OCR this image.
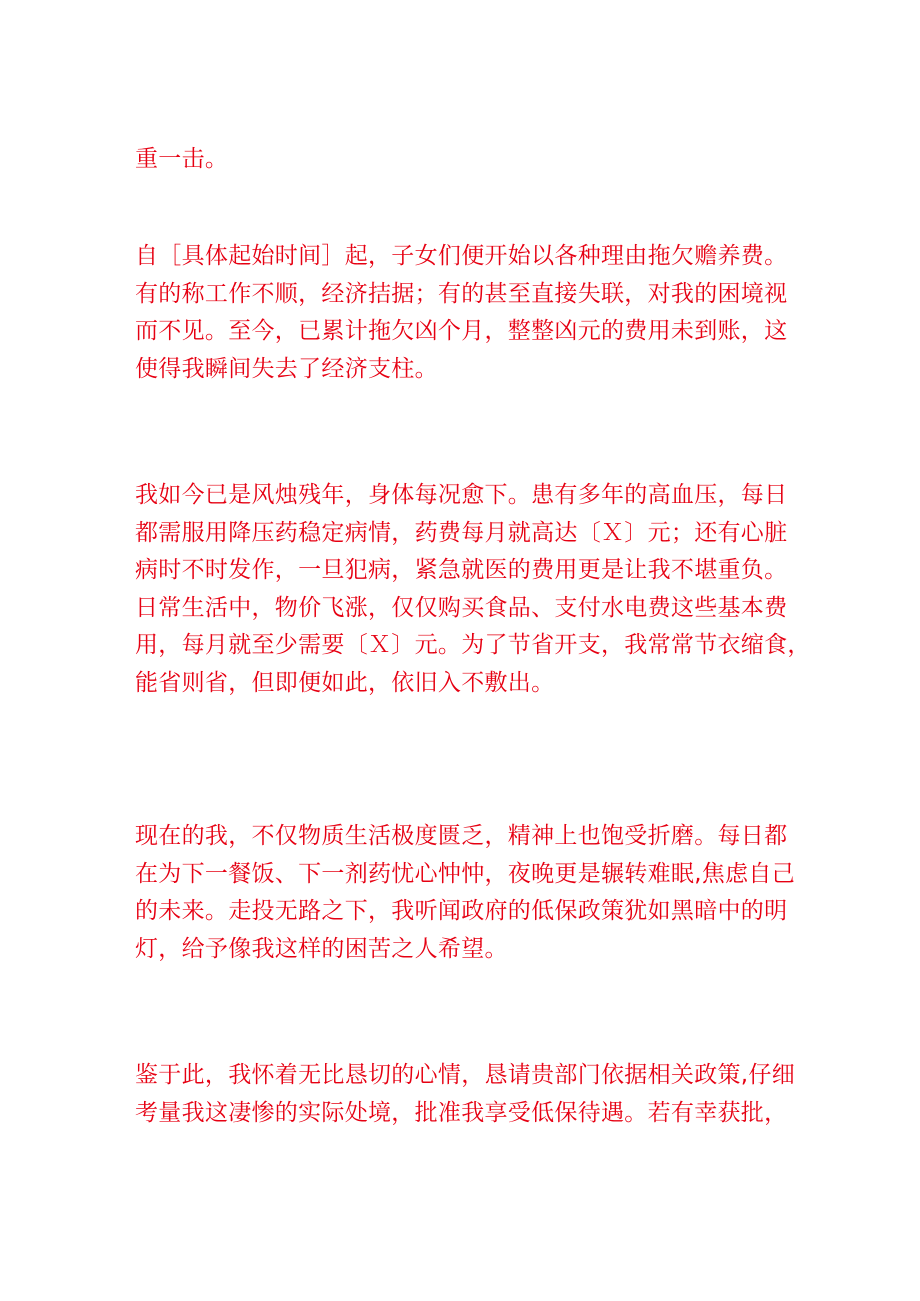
重一击。

自［具体起始时间］起，子女们便开始以各种理由拖欠赡养费。
有的称工作不顺，经济拮据；有的甚至直接失联，对我的困境视
而不见。至今，已累计拖欠凶个月，整整凶元的费用未到账，这
使得我瞬间失去了经济支柱。

我如今已是风烛残年，身体每况愈下。患有多年的高血压，每日
都需服用降压药稳定病情，药费每月就高达〔Ｘ〕元；还有心脏
病时不时发作，一旦犯病，紧急就医的费用更是让我不堪重负。
日常生活中，物价飞涨，仅仅购买食品、支付水电费这些基本费
用，每月就至少需要〔Ｘ〕元。为了节省开支，我常常节衣缩食，
能省则省，但即便如此，依旧入不敷出。

现在的我，不仅物质生活极度匮乏，精神上也饱受折磨。每日都
在为下一餐饭、下一剂药忧心忡忡，夜晚更是辗转难眠,焦虑自己
的未来。走投无路之下，我听闻政府的低保政策犹如黑暗中的明
灯，给予像我这样的困苦之人希望。

鉴于此，我怀着无比恳切的心情，恳请贵部门依据相关政策,仔细
考量我这凄惨的实际处境，批准我享受低保待遇。若有幸获批，
